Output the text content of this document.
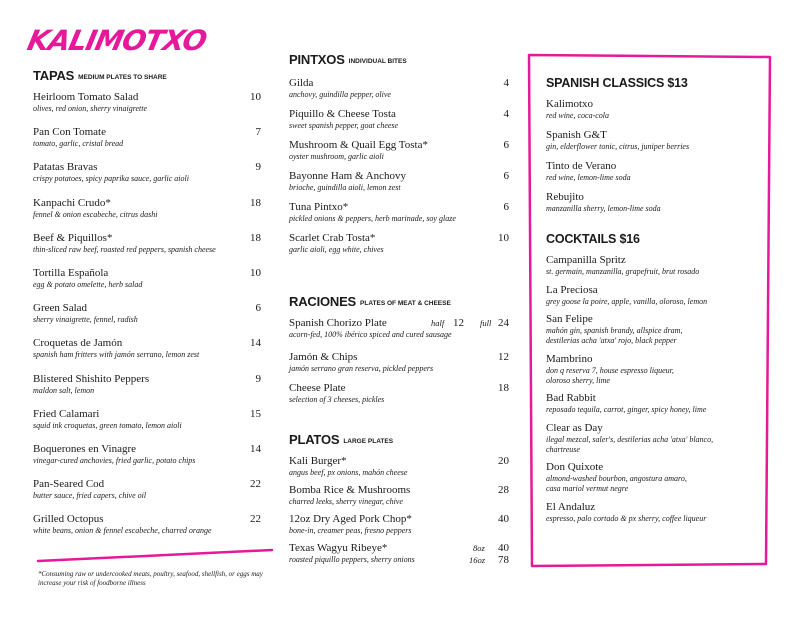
KALIMOTXO
TAPAS MEDIUM PLATES TO SHARE
Heirloom Tomato Salad
olives, red onion, sherry vinaigrette
10
Pan Con Tomate
tomato, garlic, cristal bread
7
Patatas Bravas
crispy potatoes, spicy paprika sauce, garlic aioli
9
Kanpachi Crudo*
fennel & onion escabeche, citrus dashi
18
Beef & Piquillos*
thin-sliced raw beef, roasted red peppers, spanish cheese
18
Tortilla Española
egg & potato omelette, herb salad
10
Green Salad
sherry vinaigrette, fennel, radish
6
Croquetas de Jamón
spanish ham fritters with jamón serrano, lemon zest
14
Blistered Shishito Peppers
maldon salt, lemon
9
Fried Calamari
squid ink croquetas, green tomato, lemon aioli
15
Boquerones en Vinagre
vinegar-cured anchovies, fried garlic, potato chips
14
Pan-Seared Cod
butter sauce, fried capers, chive oil
22
Grilled Octopus
white beans, onion & fennel escabeche, charred orange
22
*Consuming raw or undercooked meats, poultry, seafood, shellfish, or eggs may increase your risk of foodborne illness
PINTXOS INDIVIDUAL BITES
Gilda
anchovy, guindilla pepper, olive
4
Piquillo & Cheese Tosta
sweet spanish pepper, goat cheese
4
Mushroom & Quail Egg Tosta*
oyster mushroom, garlic aioli
6
Bayonne Ham & Anchovy
brioche, guindilla aioli, lemon zest
6
Tuna Pintxo*
pickled onions & peppers, herb marinade, soy glaze
6
Scarlet Crab Tosta*
garlic aioli, egg white, chives
10
RACIONES PLATES OF MEAT & CHEESE
Spanish Chorizo Plate
acorn-fed, 100% ibérico spiced and cured sausage
half 12 full 24
Jamón & Chips
jamón serrano gran reserva, pickled peppers
12
Cheese Plate
selection of 3 cheeses, pickles
18
PLATOS LARGE PLATES
Kali Burger*
angus beef, px onions, mahón cheese
20
Bomba Rice & Mushrooms
charred leeks, sherry vinegar, chive
28
12oz Dry Aged Pork Chop*
bone-in, creamer peas, fresno peppers
40
Texas Wagyu Ribeye*
roasted piquillo peppers, sherry onions
8oz 40
16oz 78
SPANISH CLASSICS $13
Kalimotxo
red wine, coca-cola
Spanish G&T
gin, elderflower tonic, citrus, juniper berries
Tinto de Verano
red wine, lemon-lime soda
Rebujito
manzanilla sherry, lemon-lime soda
COCKTAILS $16
Campanilla Spritz
st. germain, manzanilla, grapefruit, brut rosado
La Preciosa
grey goose la poire, apple, vanilla, oloroso, lemon
San Felipe
mahón gin, spanish brandy, allspice dram,
destilerias acha 'atxa' rojo, black pepper
Mambrino
don q reserva 7, house espresso liqueur,
oloroso sherry, lime
Bad Rabbit
reposado tequila, carrot, ginger, spicy honey, lime
Clear as Day
ilegal mezcal, saler's, destilerias acha 'atxa' blanco,
chartreuse
Don Quixote
almond-washed bourbon, angostura amaro,
casa mariol vermut negre
El Andaluz
espresso, palo cortado & px sherry, coffee liqueur
